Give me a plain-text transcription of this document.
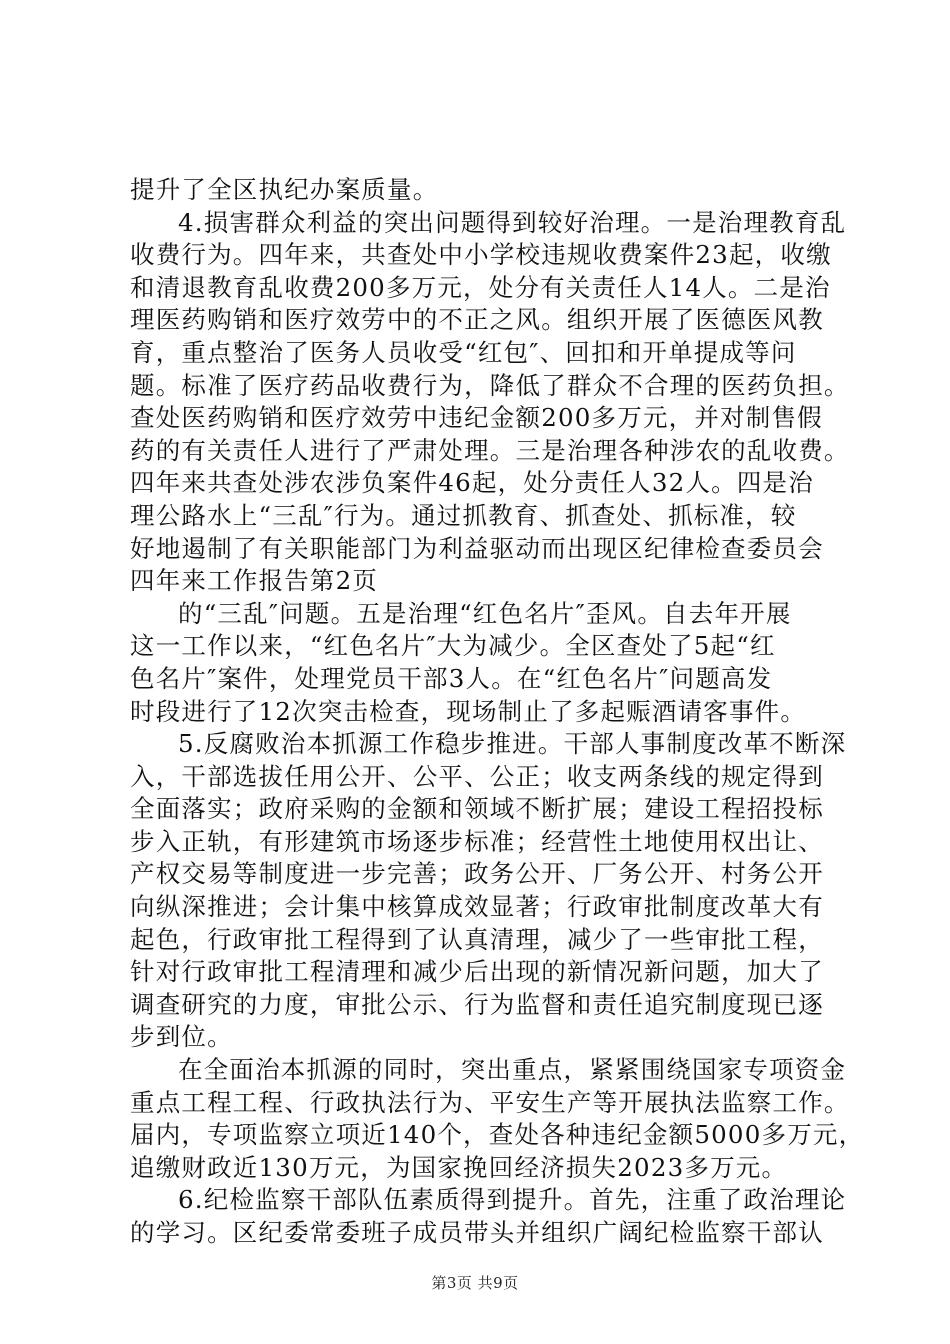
提升了全区执纪办案质量。
4.损害群众利益的突出问题得到较好治理。一是治理教育乱
收费行为。四年来，共查处中小学校违规收费案件23起，收缴
和清退教育乱收费200多万元，处分有关责任人14人。二是治
理医药购销和医疗效劳中的不正之风。组织开展了医德医风教
育，重点整治了医务人员收受“红包″、回扣和开单提成等问
题。标准了医疗药品收费行为，降低了群众不合理的医药负担。
查处医药购销和医疗效劳中违纪金额200多万元，并对制售假
药的有关责任人进行了严肃处理。三是治理各种涉农的乱收费。
四年来共查处涉农涉负案件46起，处分责任人32人。四是治
理公路水上“三乱″行为。通过抓教育、抓查处、抓标准，较
好地遏制了有关职能部门为利益驱动而出现区纪律检查委员会
四年来工作报告第2页
的“三乱″问题。五是治理“红色名片″歪风。自去年开展
这一工作以来，“红色名片″大为减少。全区查处了5起“红
色名片″案件，处理党员干部3人。在“红色名片″问题高发
时段进行了12次突击检查，现场制止了多起赈酒请客事件。
5.反腐败治本抓源工作稳步推进。干部人事制度改革不断深
入，干部选拔任用公开、公平、公正；收支两条线的规定得到
全面落实；政府采购的金额和领域不断扩展；建设工程招投标
步入正轨，有形建筑市场逐步标准；经营性土地使用权出让、
产权交易等制度进一步完善；政务公开、厂务公开、村务公开
向纵深推进；会计集中核算成效显著；行政审批制度改革大有
起色，行政审批工程得到了认真清理，减少了一些审批工程，
针对行政审批工程清理和减少后出现的新情况新问题，加大了
调查研究的力度，审批公示、行为监督和责任追究制度现已逐
步到位。
在全面治本抓源的同时，突出重点，紧紧围绕国家专项资金
重点工程工程、行政执法行为、平安生产等开展执法监察工作。
届内，专项监察立项近140个，查处各种违纪金额5000多万元，
追缴财政近130万元，为国家挽回经济损失2023多万元。
6.纪检监察干部队伍素质得到提升。首先，注重了政治理论
的学习。区纪委常委班子成员带头并组织广阔纪检监察干部认
第3页 共9页
